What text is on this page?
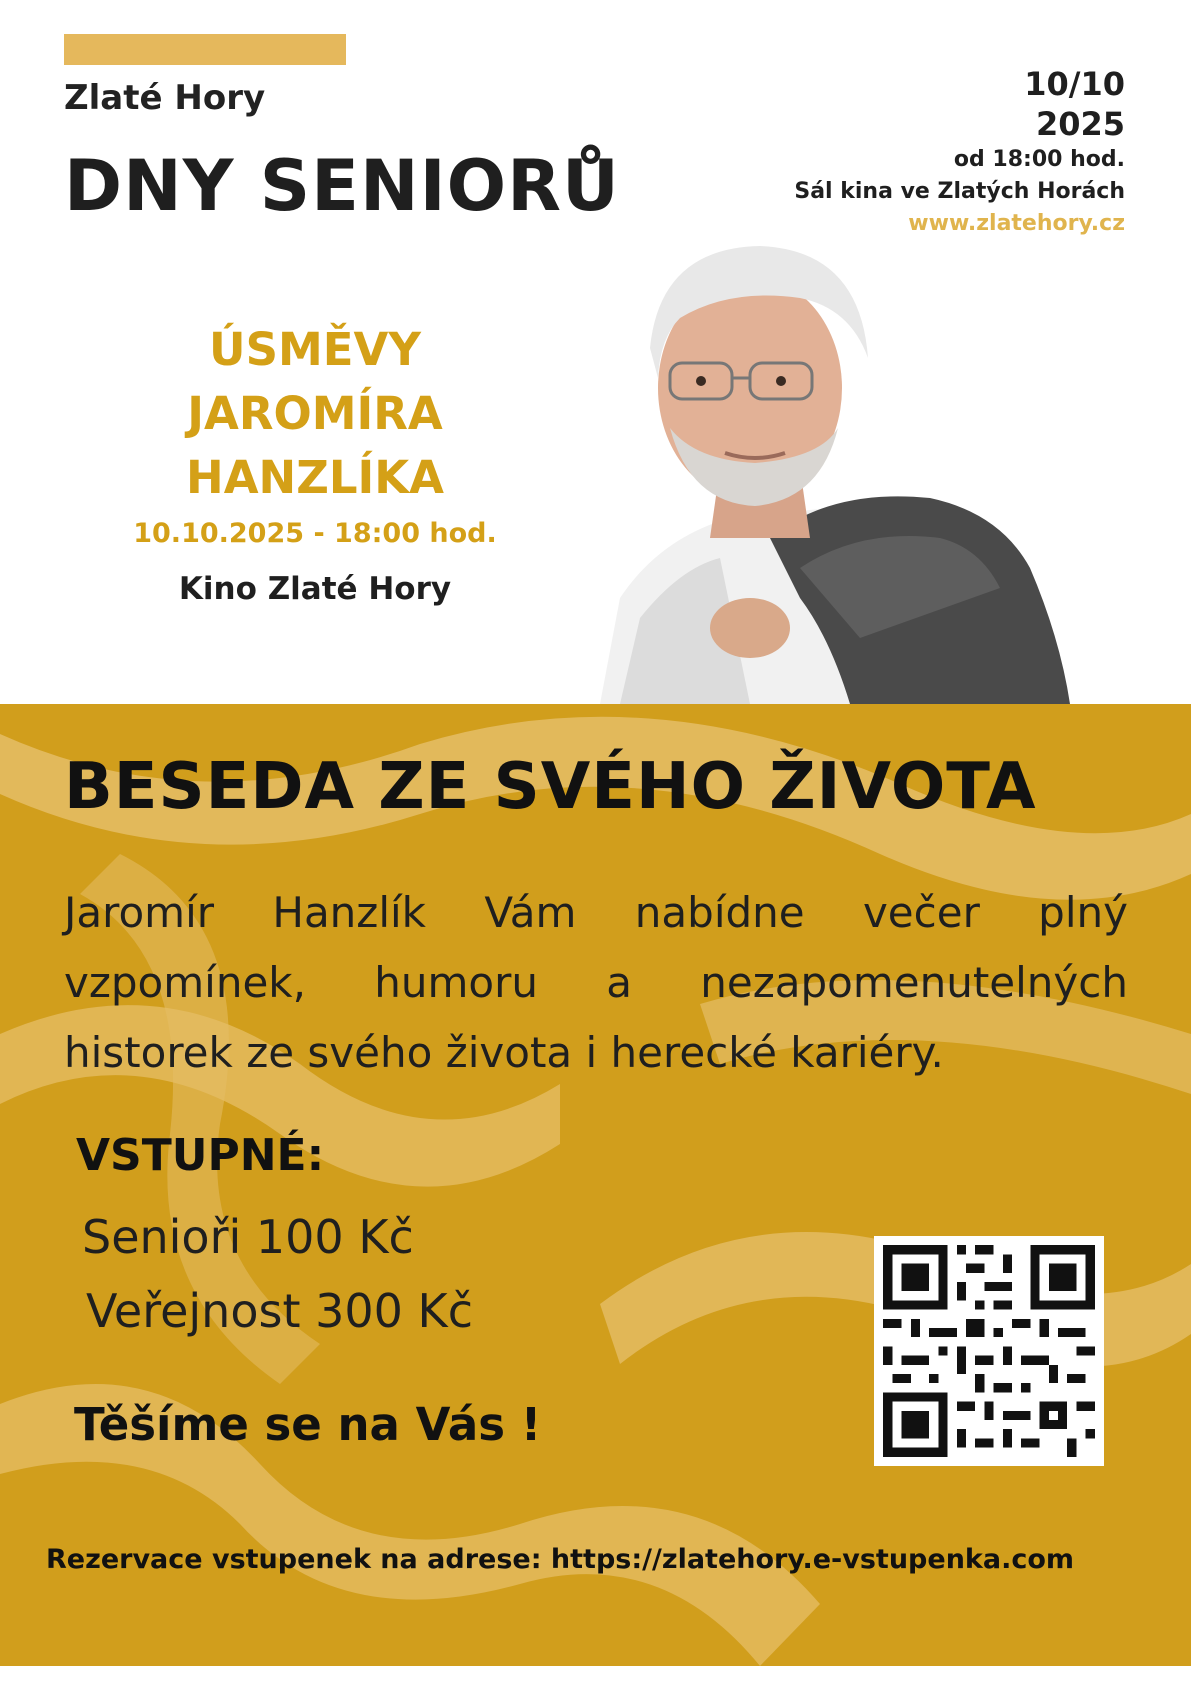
Zlaté Hory
DNY SENIORŮ
10/10
2025
od 18:00 hod.
Sál kina ve Zlatých Horách
www.zlatehory.cz
ÚSMĚVY
JAROMÍRA
HANZLÍKA
10.10.2025 - 18:00 hod.
Kino Zlaté Hory
BESEDA ZE SVÉHO ŽIVOTA
Jaromír Hanzlík Vám nabídne večer plný vzpomínek, humoru a nezapomenutelných historek ze svého života i herecké kariéry.
VSTUPNÉ:
Senioři 100 Kč
Veřejnost 300 Kč
Těšíme se na Vás !
Rezervace vstupenek na adrese: https://zlatehory.e-vstupenka.com
